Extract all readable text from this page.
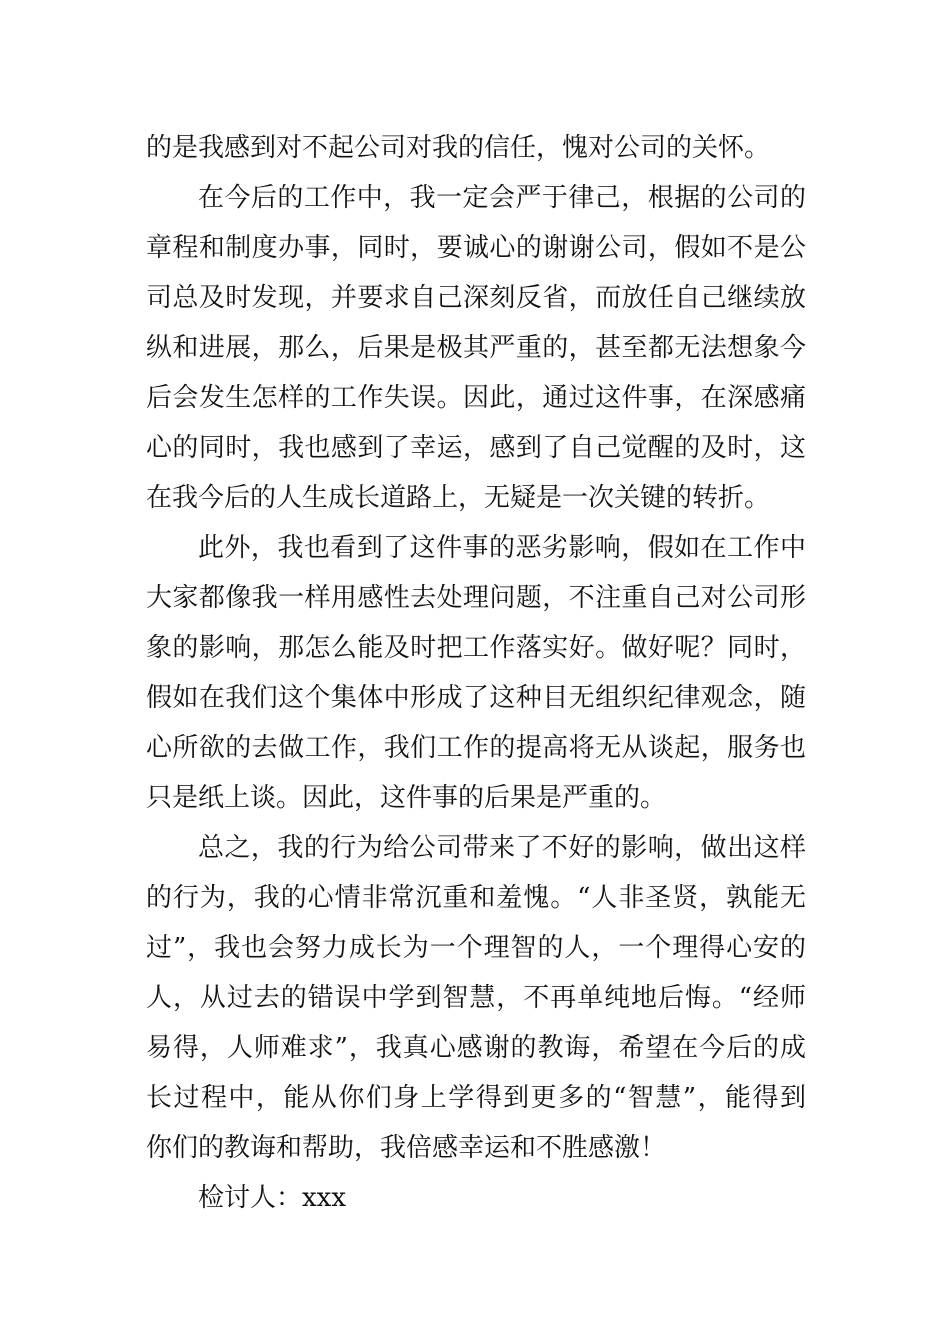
的是我感到对不起公司对我的信任，愧对公司的关怀。
在今后的工作中，我一定会严于律己，根据的公司的
章程和制度办事，同时，要诚心的谢谢公司，假如不是公
司总及时发现，并要求自己深刻反省，而放任自己继续放
纵和进展，那么，后果是极其严重的，甚至都无法想象今
后会发生怎样的工作失误。因此，通过这件事，在深感痛
心的同时，我也感到了幸运，感到了自己觉醒的及时，这
在我今后的人生成长道路上，无疑是一次关键的转折。
此外，我也看到了这件事的恶劣影响，假如在工作中
大家都像我一样用感性去处理问题，不注重自己对公司形
象的影响，那怎么能及时把工作落实好。做好呢？同时，
假如在我们这个集体中形成了这种目无组织纪律观念，随
心所欲的去做工作，我们工作的提高将无从谈起，服务也
只是纸上谈。因此，这件事的后果是严重的。
总之，我的行为给公司带来了不好的影响，做出这样
的行为，我的心情非常沉重和羞愧。“人非圣贤，孰能无
过”，我也会努力成长为一个理智的人，一个理得心安的
人，从过去的错误中学到智慧，不再单纯地后悔。“经师
易得，人师难求”，我真心感谢的教诲，希望在今后的成
长过程中，能从你们身上学得到更多的“智慧”，能得到
你们的教诲和帮助，我倍感幸运和不胜感激！
检讨人：xxx
